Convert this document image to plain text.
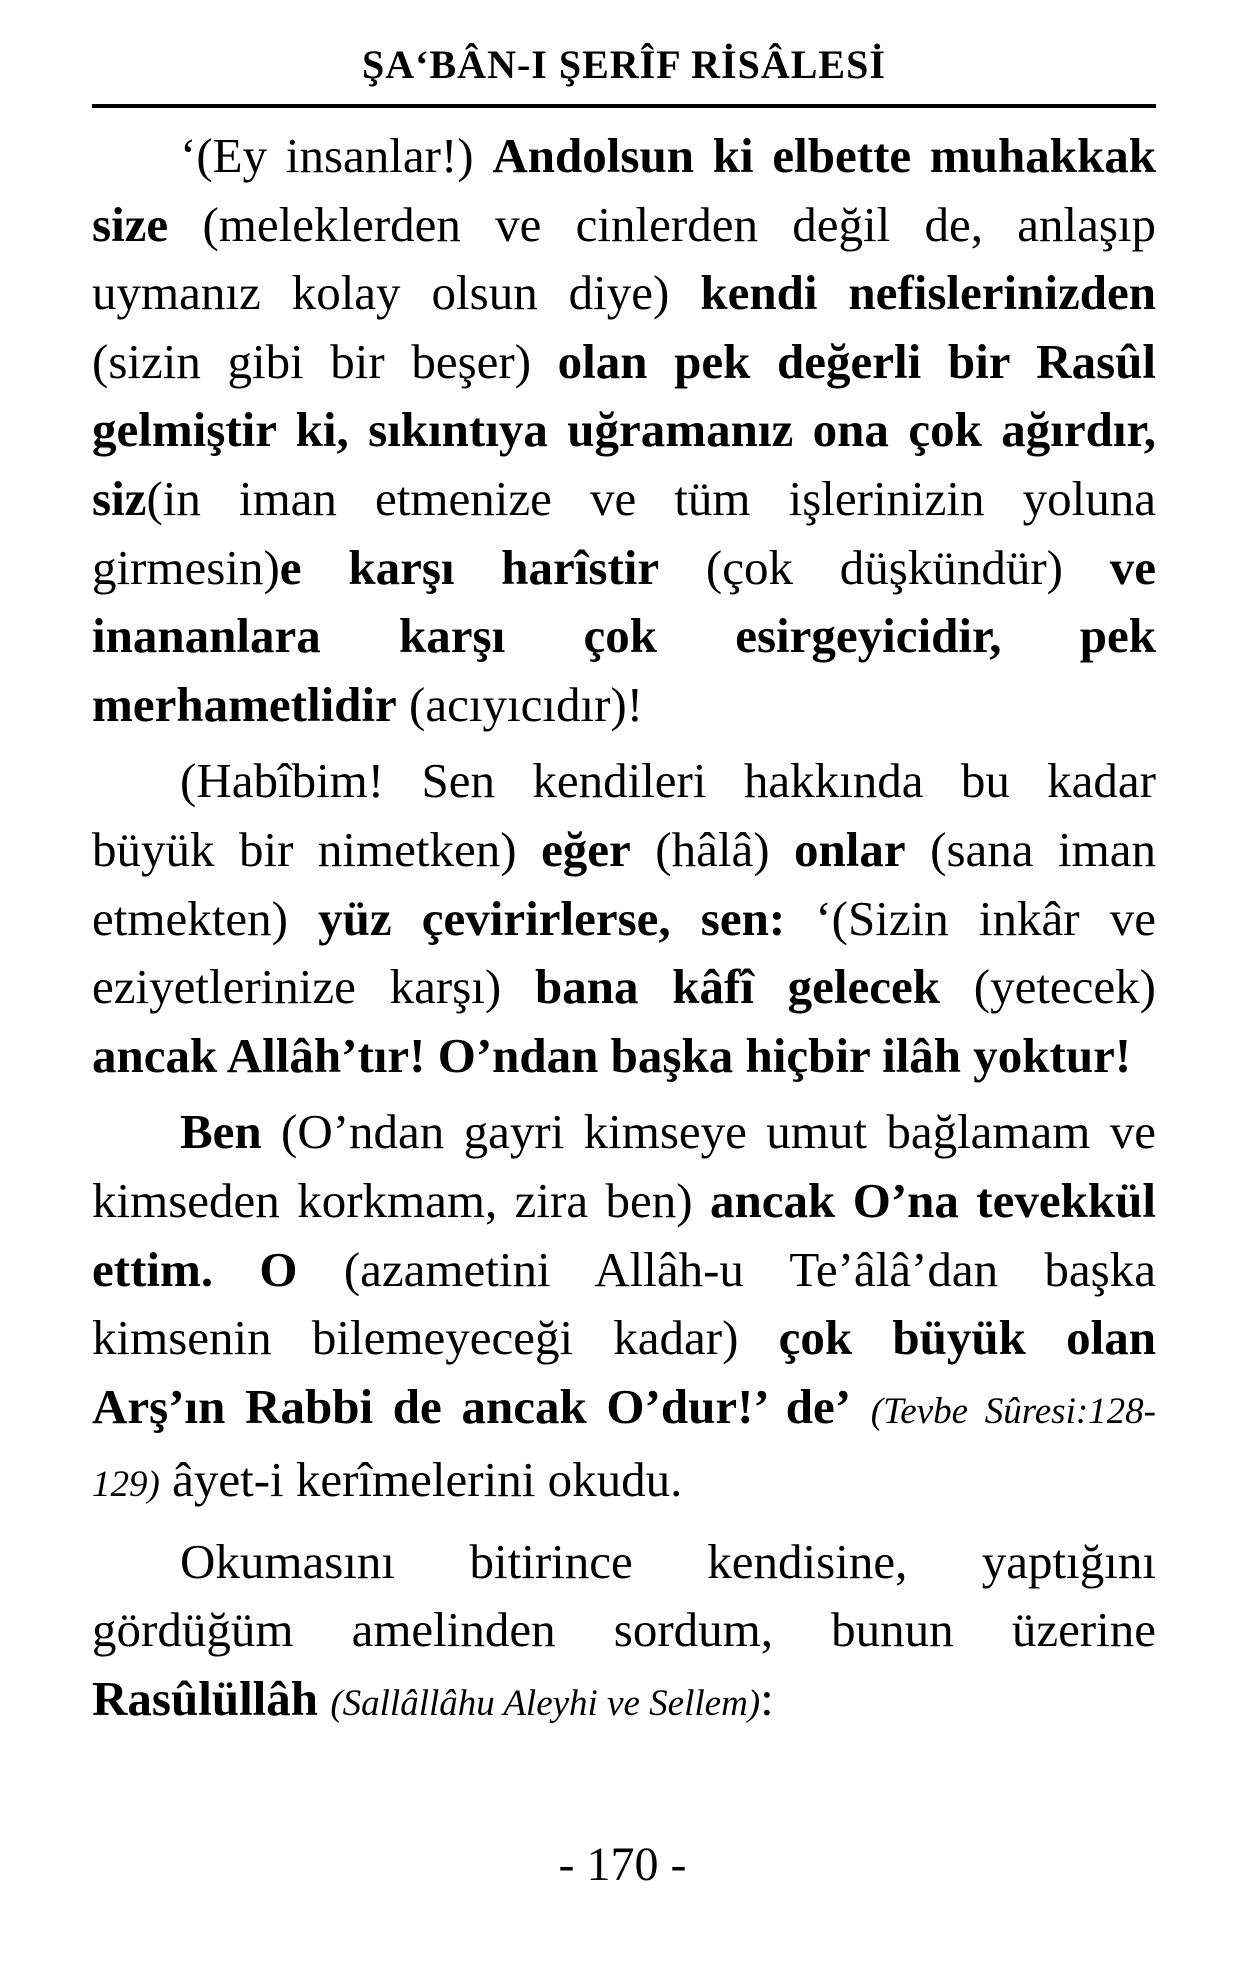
ŞA‘BÂN-I ŞERÎF RİSÂLESİ

‘(Ey insanlar!) Andolsun ki elbette muhakkak size (meleklerden ve cinlerden değil de, anlaşıp uymanız kolay olsun diye) kendi nefislerinizden (sizin gibi bir beşer) olan pek değerli bir Rasûl gelmiştir ki, sıkıntıya uğramanız ona çok ağırdır, siz(in iman etmenize ve tüm işlerinizin yoluna girmesin)e karşı harîstir (çok düşkündür) ve inananlara karşı çok esirgeyicidir, pek merhametlidir (acıyıcıdır)!

(Habîbim! Sen kendileri hakkında bu kadar büyük bir nimetken) eğer (hâlâ) onlar (sana iman etmekten) yüz çevirirlerse, sen: ‘(Sizin inkâr ve eziyetlerinize karşı) bana kâfî gelecek (yetecek) ancak Allâh’tır! O’ndan başka hiçbir ilâh yoktur!

Ben (O’ndan gayri kimseye umut bağlamam ve kimseden korkmam, zira ben) ancak O’na tevekkül ettim. O (azametini Allâh-u Te’âlâ’dan başka kimsenin bilemeyeceği kadar) çok büyük olan Arş’ın Rabbi de ancak O’dur!’ de’ (Tevbe Sûresi:128-129) âyet-i kerîmelerini okudu.

Okumasını bitirince kendisine, yaptığını gördüğüm amelinden sordum, bunun üzerine Rasûlüllâh (Sallâllâhu Aleyhi ve Sellem):

- 170 -
